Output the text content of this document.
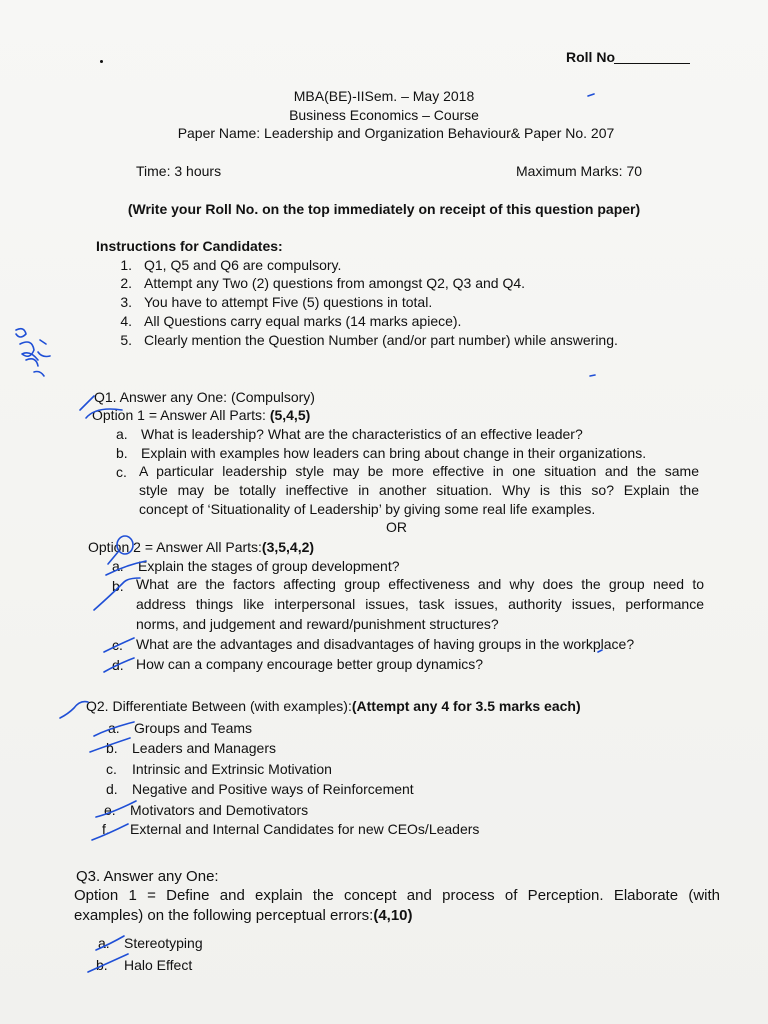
Roll No
MBA(BE)-IISem. – May 2018
Business Economics – Course
Paper Name: Leadership and Organization Behaviour& Paper No. 207
Time: 3 hours	Maximum Marks: 70
(Write your Roll No. on the top immediately on receipt of this question paper)
Instructions for Candidates:
1. Q1, Q5 and Q6 are compulsory.
2. Attempt any Two (2) questions from amongst Q2, Q3 and Q4.
3. You have to attempt Five (5) questions in total.
4. All Questions carry equal marks (14 marks apiece).
5. Clearly mention the Question Number (and/or part number) while answering.
Q1. Answer any One: (Compulsory)
Option 1 = Answer All Parts: (5,4,5)
a. What is leadership? What are the characteristics of an effective leader?
b. Explain with examples how leaders can bring about change in their organizations.
c. A particular leadership style may be more effective in one situation and the same
style may be totally ineffective in another situation. Why is this so? Explain the
concept of ‘Situationality of Leadership’ by giving some real life examples.
OR
Option 2 = Answer All Parts:(3,5,4,2)
a. Explain the stages of group development?
b. What are the factors affecting group effectiveness and why does the group need to
address things like interpersonal issues, task issues, authority issues, performance
norms, and judgement and reward/punishment structures?
c. What are the advantages and disadvantages of having groups in the workplace?
d. How can a company encourage better group dynamics?
Q2. Differentiate Between (with examples):(Attempt any 4 for 3.5 marks each)
a. Groups and Teams
b. Leaders and Managers
c. Intrinsic and Extrinsic Motivation
d. Negative and Positive ways of Reinforcement
e. Motivators and Demotivators
f. External and Internal Candidates for new CEOs/Leaders
Q3. Answer any One:
Option 1 = Define and explain the concept and process of Perception. Elaborate (with
examples) on the following perceptual errors:(4,10)
a. Stereotyping
b. Halo Effect
